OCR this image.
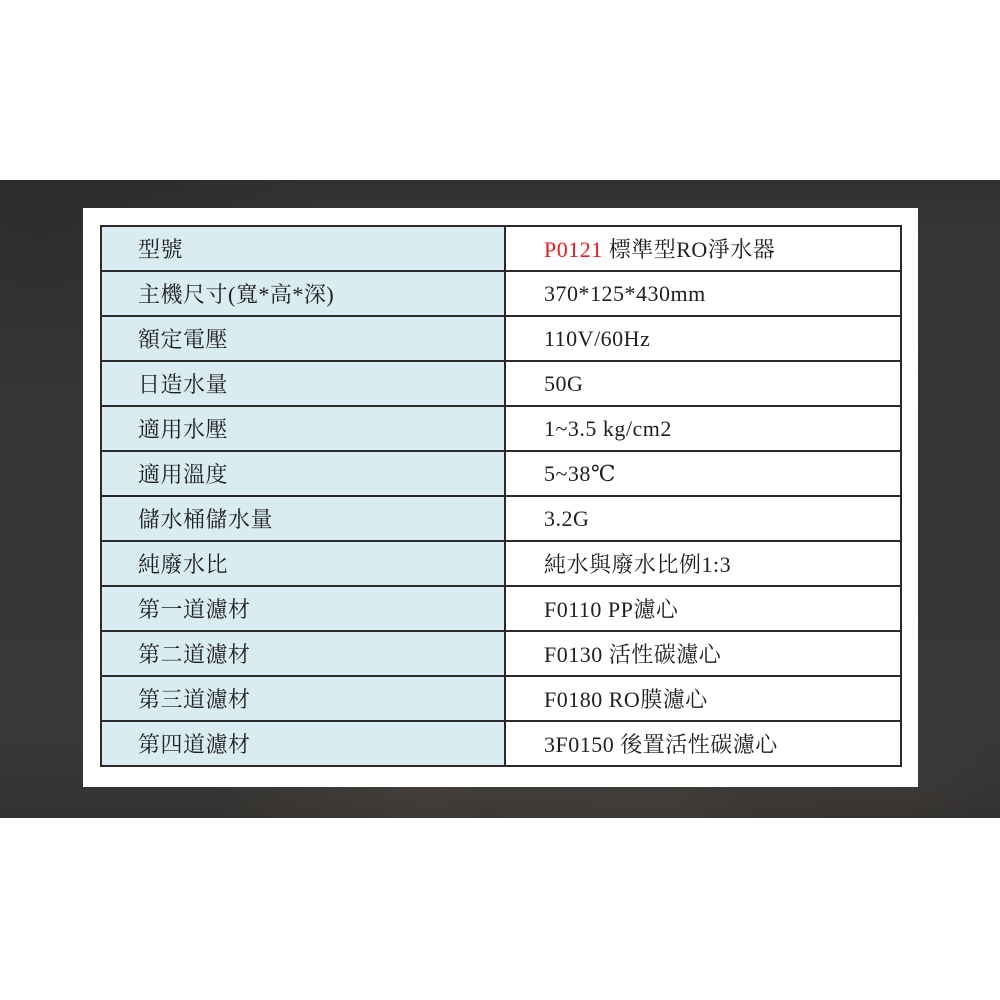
型號	P0121 標準型RO淨水器
主機尺寸(寬*高*深)	370*125*430mm
額定電壓	110V/60Hz
日造水量	50G
適用水壓	1~3.5 kg/cm2
適用溫度	5~38℃
儲水桶儲水量	3.2G
純廢水比	純水與廢水比例1:3
第一道濾材	F0110 PP濾心
第二道濾材	F0130 活性碳濾心
第三道濾材	F0180 RO膜濾心
第四道濾材	3F0150 後置活性碳濾心
